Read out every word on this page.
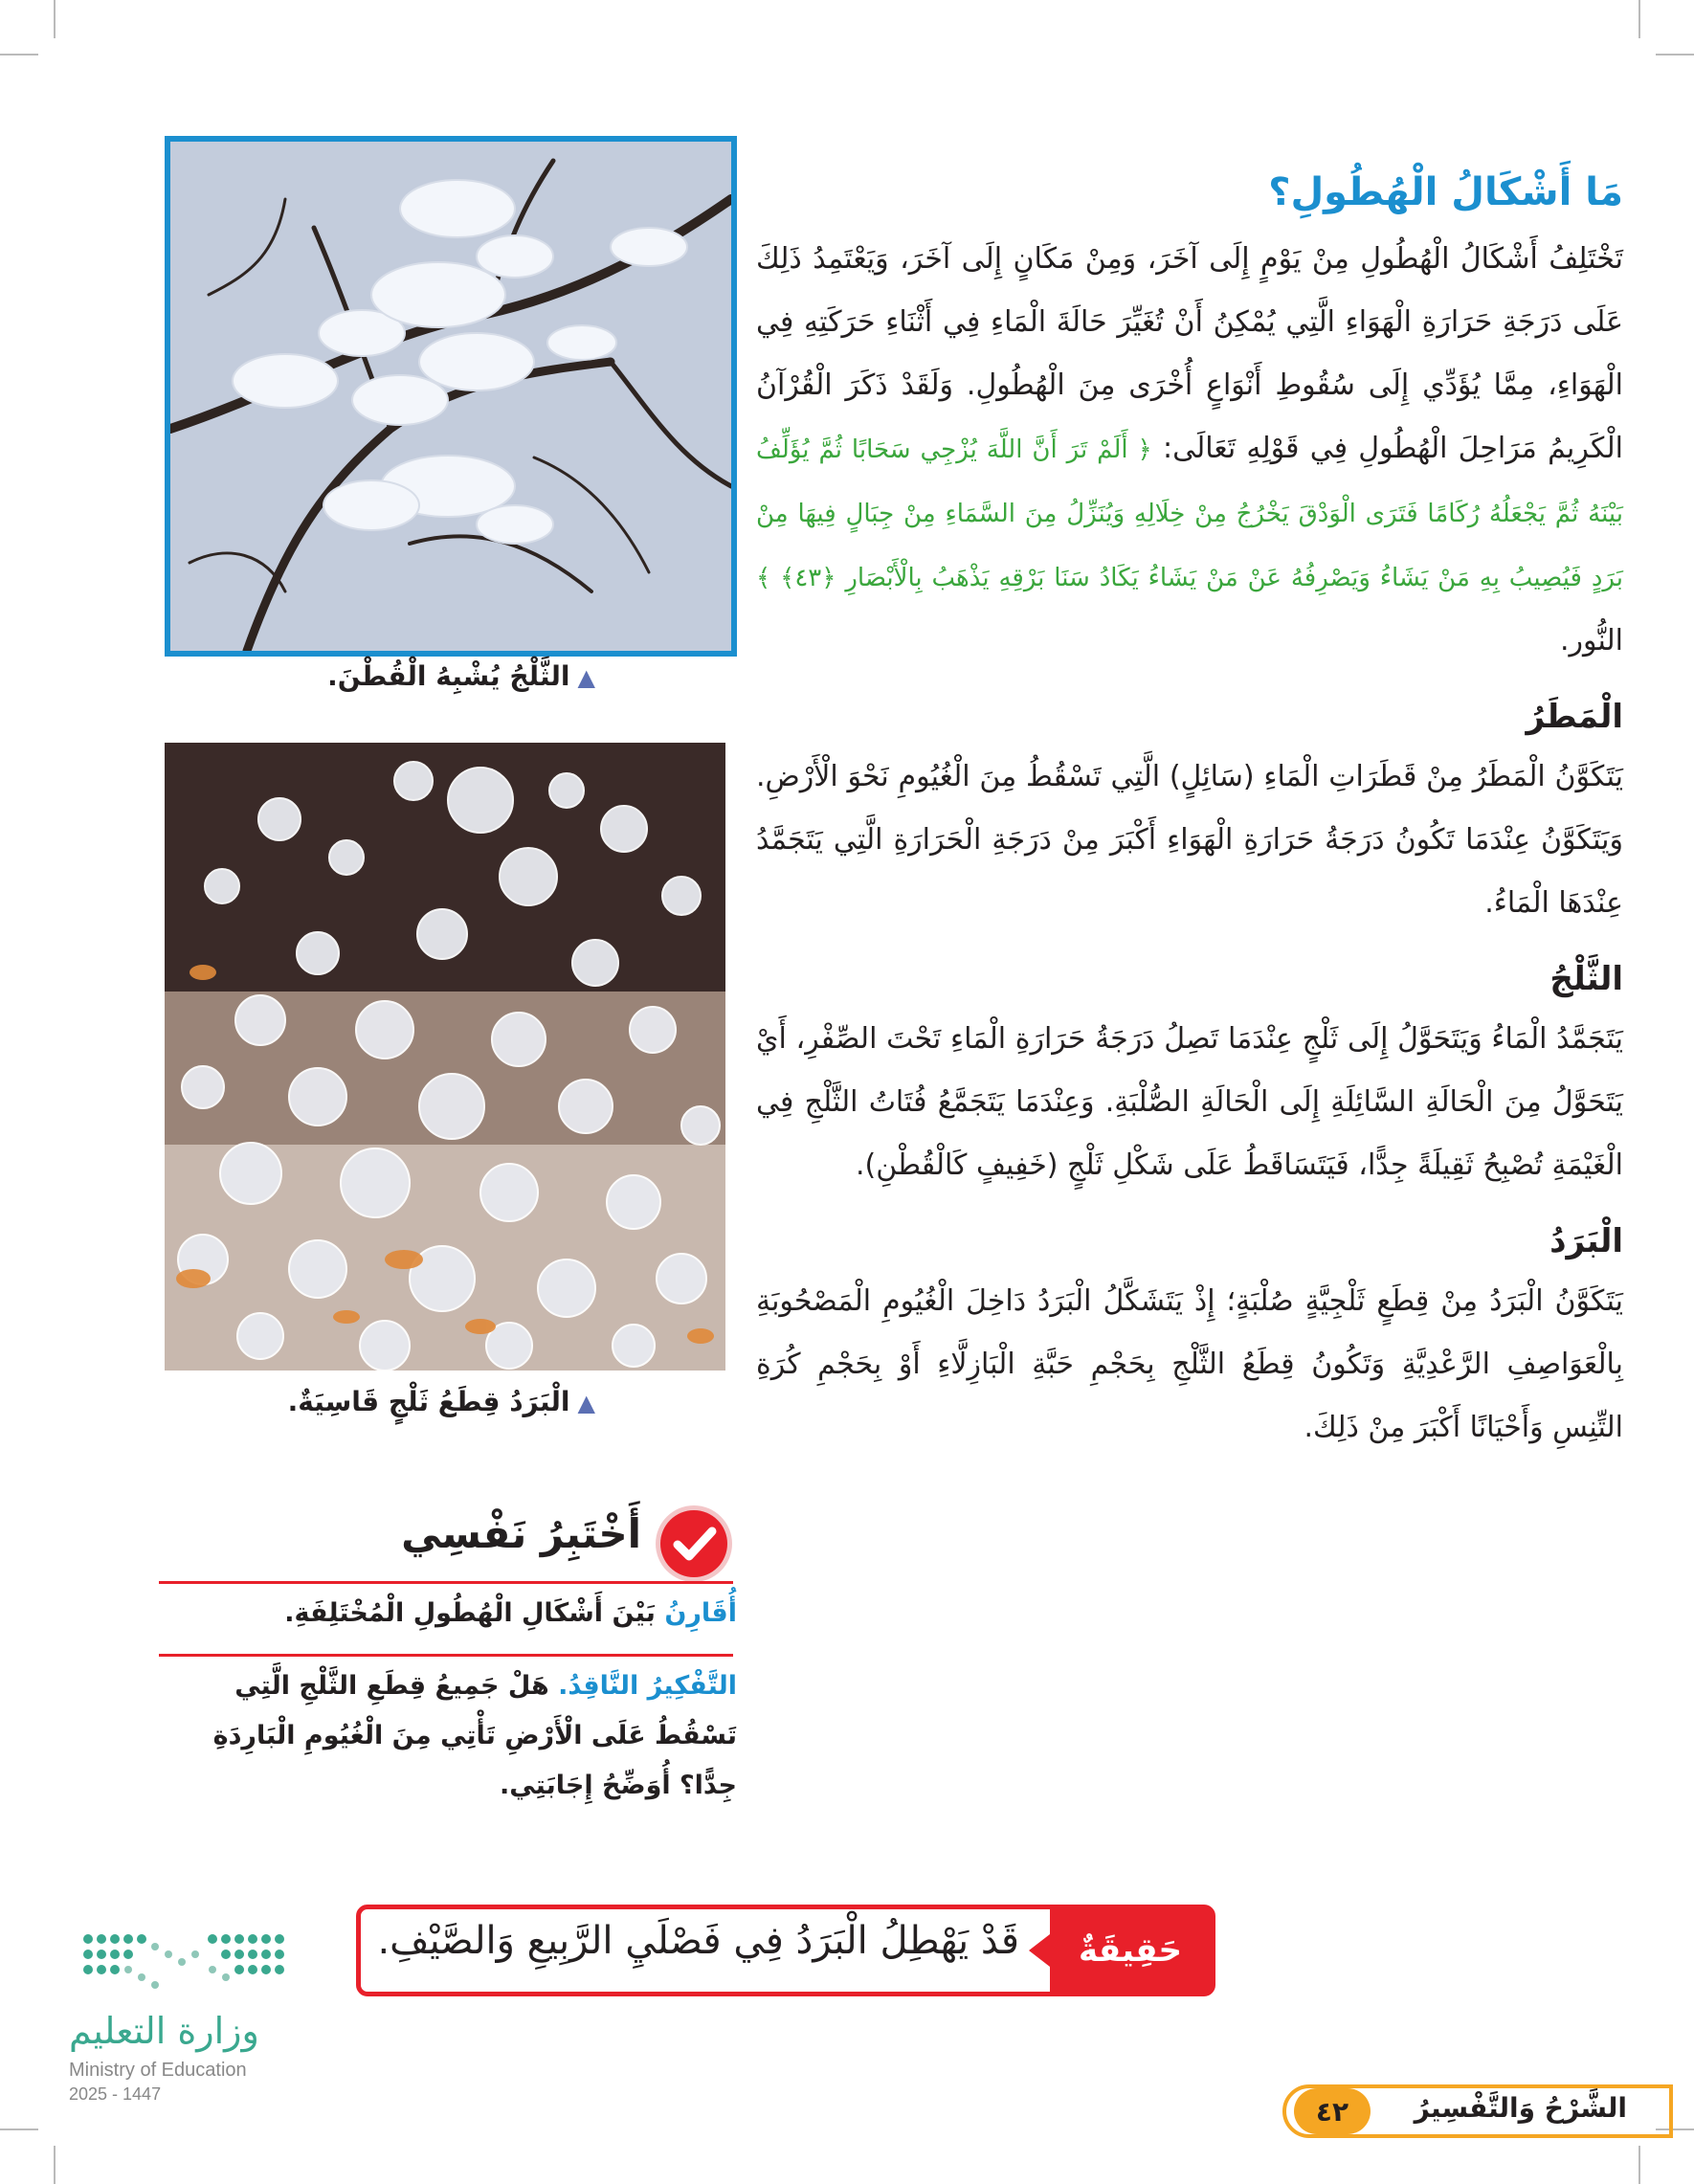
مَا أَشْكَالُ الْهُطُولِ؟

تَخْتَلِفُ أَشْكَالُ الْهُطُولِ مِنْ يَوْمٍ إِلَى آخَرَ، وَمِنْ مَكَانٍ إِلَى آخَرَ، وَيَعْتَمِدُ ذَلِكَ عَلَى دَرَجَةِ حَرَارَةِ الْهَوَاءِ الَّتِي يُمْكِنُ أَنْ تُغَيِّرَ حَالَةَ الْمَاءِ فِي أَثْنَاءِ حَرَكَتِهِ فِي الْهَوَاءِ، مِمَّا يُؤَدِّي إِلَى سُقُوطِ أَنْوَاعٍ أُخْرَى مِنَ الْهُطُولِ. وَلَقَدْ ذَكَرَ الْقُرْآنُ الْكَرِيمُ مَرَاحِلَ الْهُطُولِ فِي قَوْلِهِ تَعَالَى: ﴿ أَلَمْ تَرَ أَنَّ اللَّهَ يُزْجِي سَحَابًا ثُمَّ يُؤَلِّفُ بَيْنَهُ ثُمَّ يَجْعَلُهُ رُكَامًا فَتَرَى الْوَدْقَ يَخْرُجُ مِنْ خِلَالِهِ وَيُنَزِّلُ مِنَ السَّمَاءِ مِنْ جِبَالٍ فِيهَا مِنْ بَرَدٍ فَيُصِيبُ بِهِ مَنْ يَشَاءُ وَيَصْرِفُهُ عَنْ مَنْ يَشَاءُ يَكَادُ سَنَا بَرْقِهِ يَذْهَبُ بِالْأَبْصَارِ ﴿٤٣﴾ ﴾ النُّور.

الْمَطَرُ

يَتَكَوَّنُ الْمَطَرُ مِنْ قَطَرَاتِ الْمَاءِ (سَائِلٍ) الَّتِي تَسْقُطُ مِنَ الْغُيُومِ نَحْوَ الْأَرْضِ. وَيَتَكَوَّنُ عِنْدَمَا تَكُونُ دَرَجَةُ حَرَارَةِ الْهَوَاءِ أَكْبَرَ مِنْ دَرَجَةِ الْحَرَارَةِ الَّتِي يَتَجَمَّدُ عِنْدَهَا الْمَاءُ.

الثَّلْجُ

يَتَجَمَّدُ الْمَاءُ وَيَتَحَوَّلُ إِلَى ثَلْجٍ عِنْدَمَا تَصِلُ دَرَجَةُ حَرَارَةِ الْمَاءِ تَحْتَ الصِّفْرِ، أَيْ يَتَحَوَّلُ مِنَ الْحَالَةِ السَّائِلَةِ إِلَى الْحَالَةِ الصُّلْبَةِ. وَعِنْدَمَا يَتَجَمَّعُ فُتَاتُ الثَّلْجِ فِي الْغَيْمَةِ تُصْبِحُ ثَقِيلَةً جِدًّا، فَيَتَسَاقَطُ عَلَى شَكْلِ ثَلْجٍ (خَفِيفٍ كَالْقُطْنِ).

الْبَرَدُ

يَتَكَوَّنُ الْبَرَدُ مِنْ قِطَعٍ ثَلْجِيَّةٍ صُلْبَةٍ؛ إِذْ يَتَشَكَّلُ الْبَرَدُ دَاخِلَ الْغُيُومِ الْمَصْحُوبَةِ بِالْعَوَاصِفِ الرَّعْدِيَّةِ وَتَكُونُ قِطَعُ الثَّلْجِ بِحَجْمِ حَبَّةِ الْبَازِلَّاءِ أَوْ بِحَجْمِ كُرَةِ التِّنِسِ وَأَحْيَانًا أَكْبَرَ مِنْ ذَلِكَ.

▲الثَّلْجُ يُشْبِهُ الْقُطْنَ.
▲الْبَرَدُ قِطَعُ ثَلْجٍ قَاسِيَةٌ.
أَخْتَبِرُ نَفْسِي
أُقَارِنُ بَيْنَ أَشْكَالِ الْهُطُولِ الْمُخْتَلِفَةِ.
التَّفْكِيرُ النَّاقِدُ. هَلْ جَمِيعُ قِطَعِ الثَّلْجِ الَّتِي تَسْقُطُ عَلَى الْأَرْضِ تَأْتِي مِنَ الْغُيُومِ الْبَارِدَةِ جِدًّا؟ أُوَضِّحُ إِجَابَتِي.
حَقِيقَةٌ
قَدْ يَهْطِلُ الْبَرَدُ فِي فَصْلَيِ الرَّبِيعِ وَالصَّيْفِ.
وزارة التعليم
Ministry of Education
2025 - 1447	الشَّرْحُ وَالتَّفْسِيرُ
٤٢
